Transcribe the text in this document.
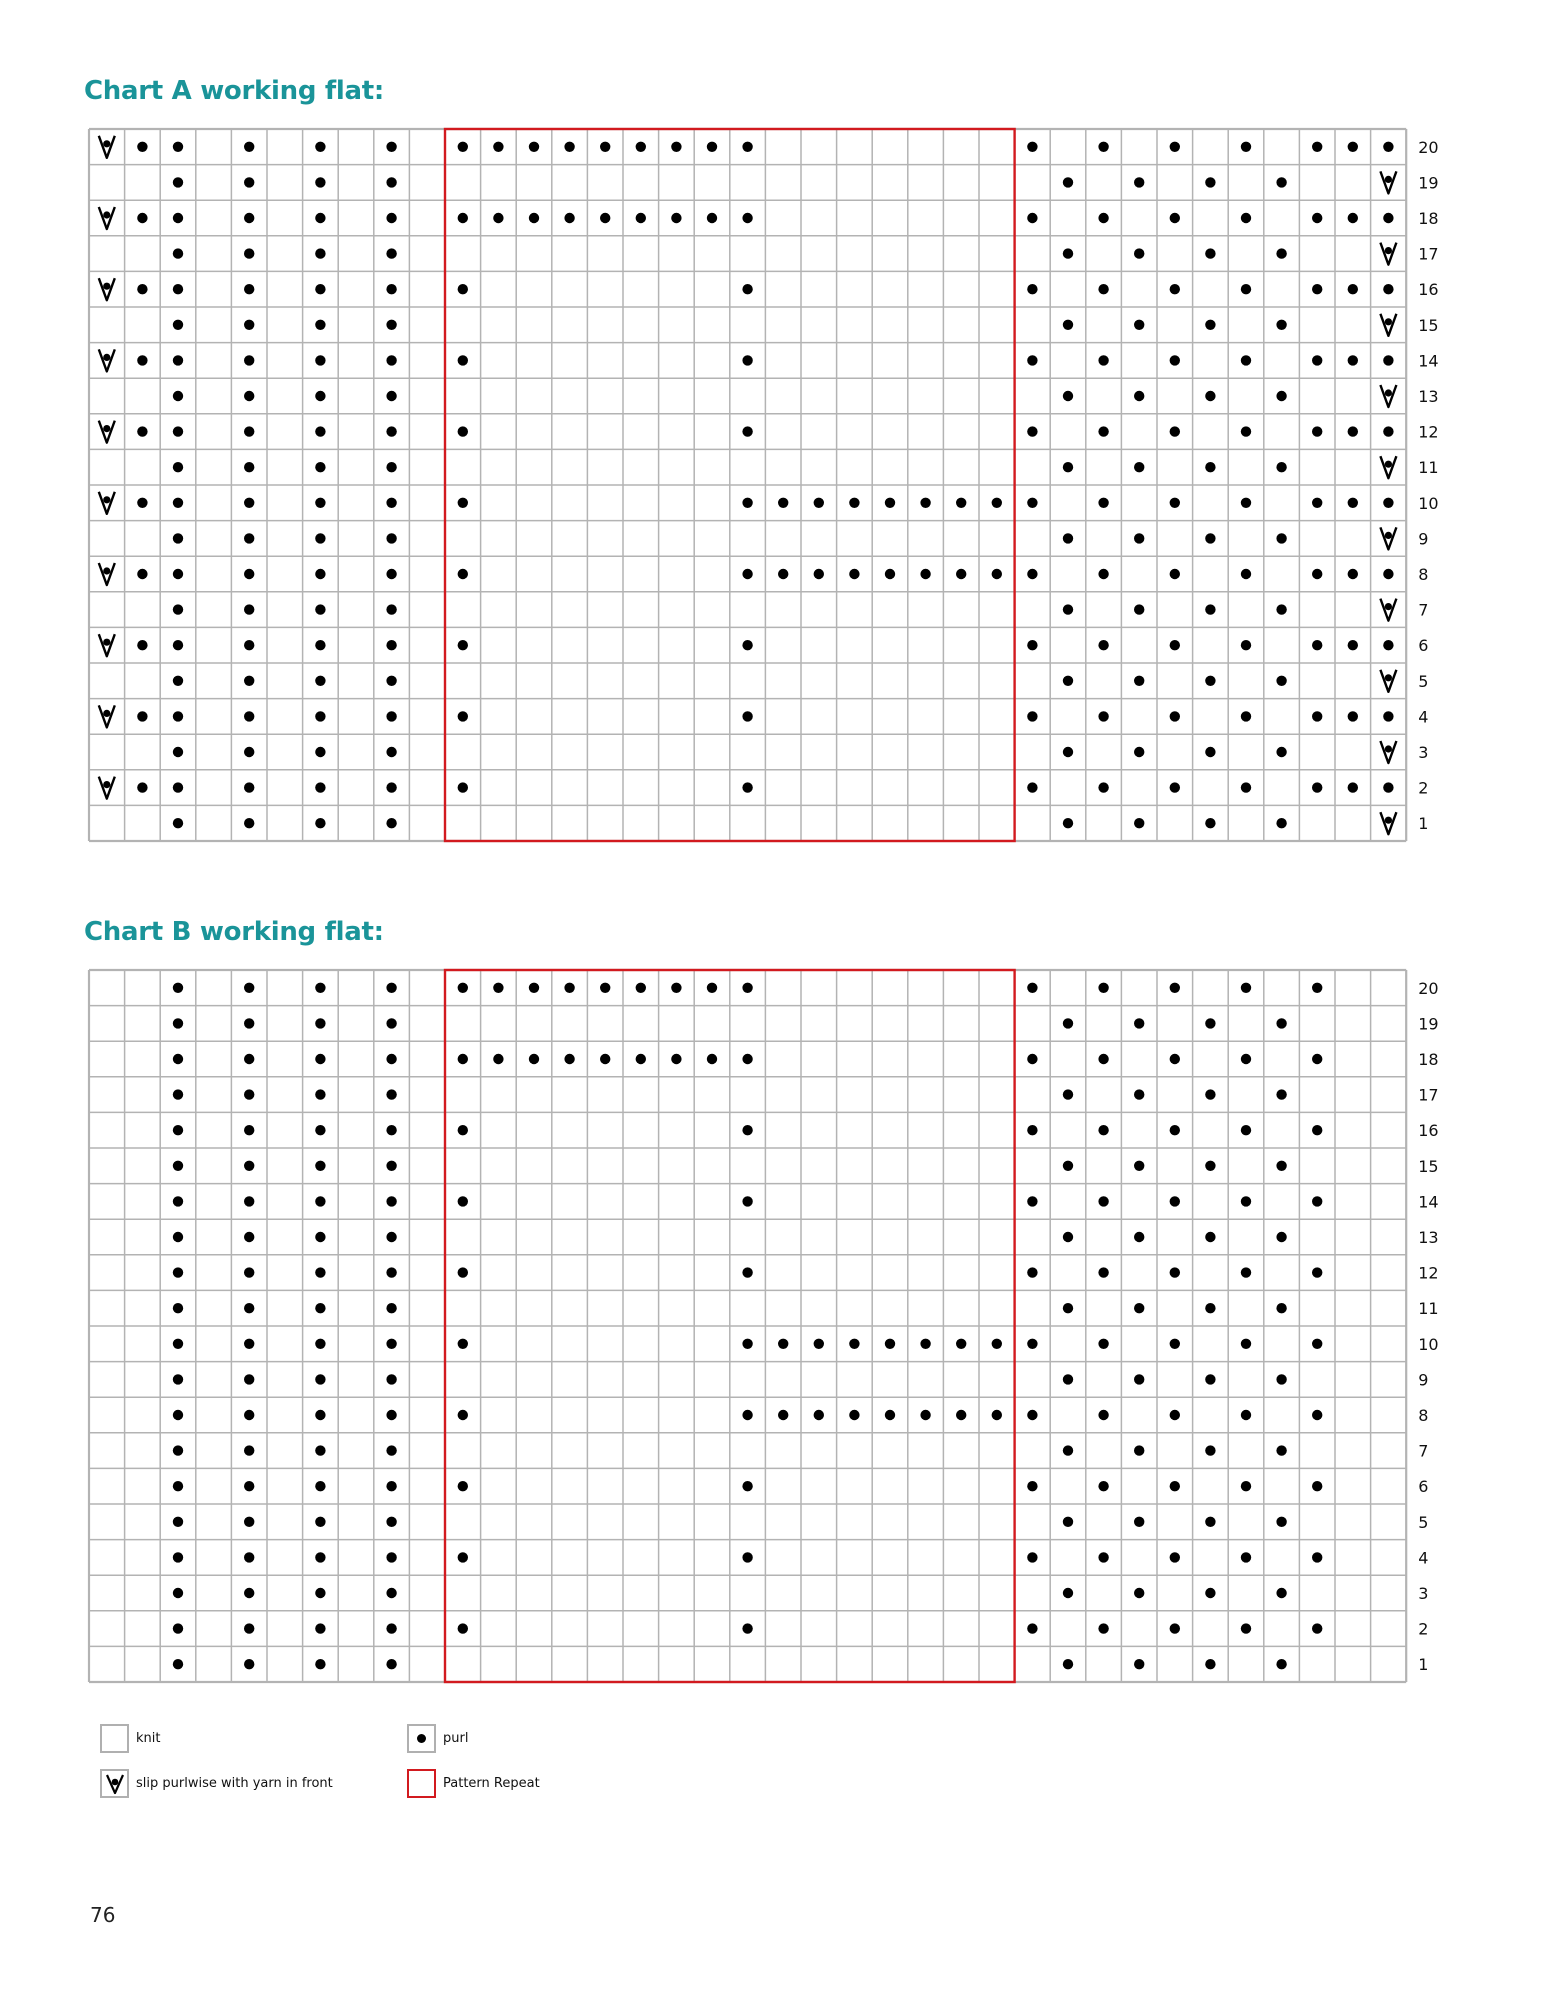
Chart A working flat:
20
19
18
17
16
15
14
13
12
11
10
9
8
7
6
5
4
3
2
1
Chart B working flat:
20
19
18
17
16
15
14
13
12
11
10
9
8
7
6
5
4
3
2
1
knit	purl
slip purlwise with yarn in front	Pattern Repeat
76
